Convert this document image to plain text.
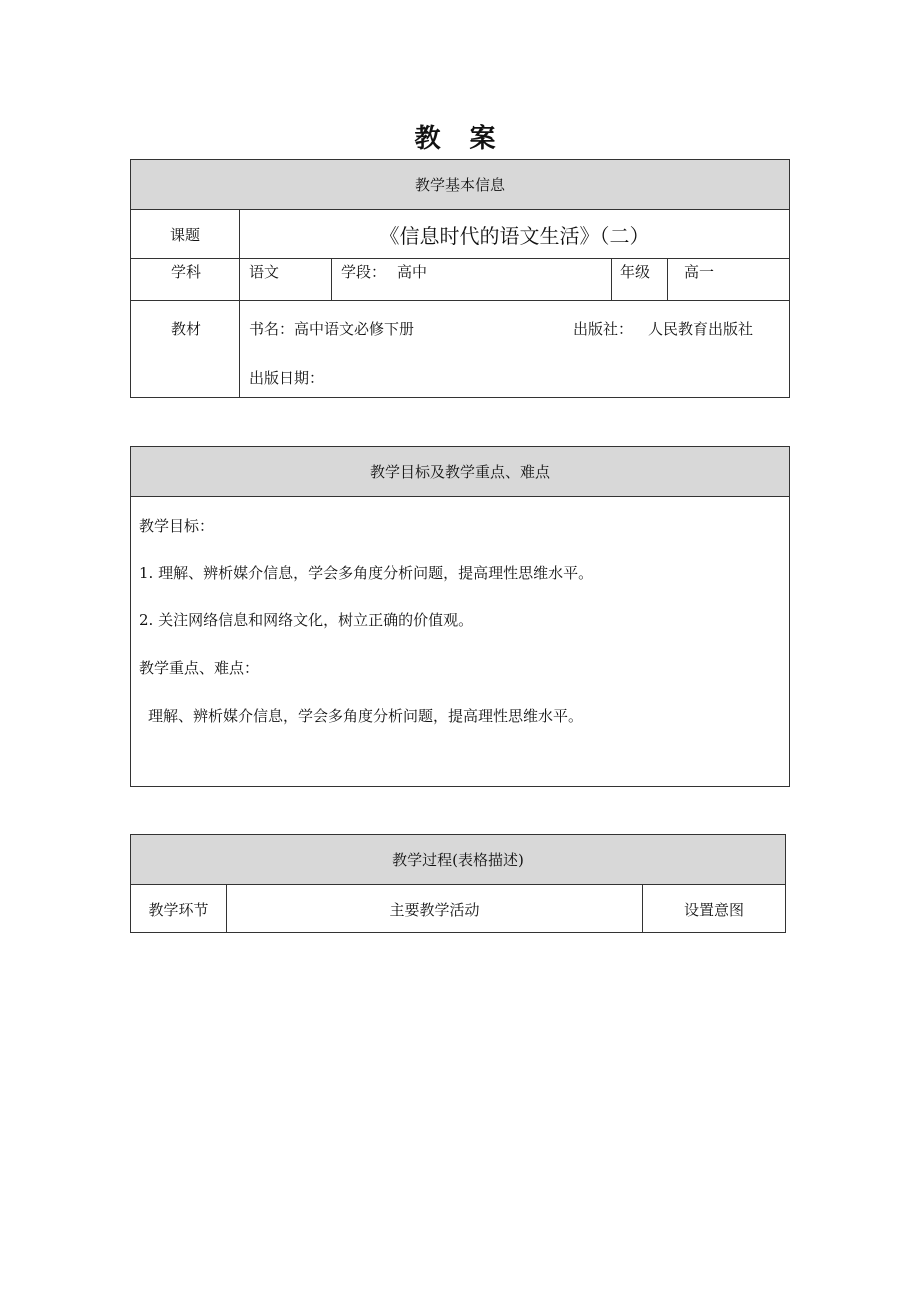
教 案
教学基本信息
课题	《信息时代的语文生活》（二）
学科	语文	学段： 高中	年级 高一
教材	书名：高中语文必修下册	出版社： 人民教育出版社
出版日期：
教学目标及教学重点、难点
教学目标：
1. 理解、辨析媒介信息，学会多角度分析问题，提高理性思维水平。
2. 关注网络信息和网络文化，树立正确的价值观。
教学重点、难点：
理解、辨析媒介信息，学会多角度分析问题，提高理性思维水平。
教学过程(表格描述)
教学环节	主要教学活动	设置意图
